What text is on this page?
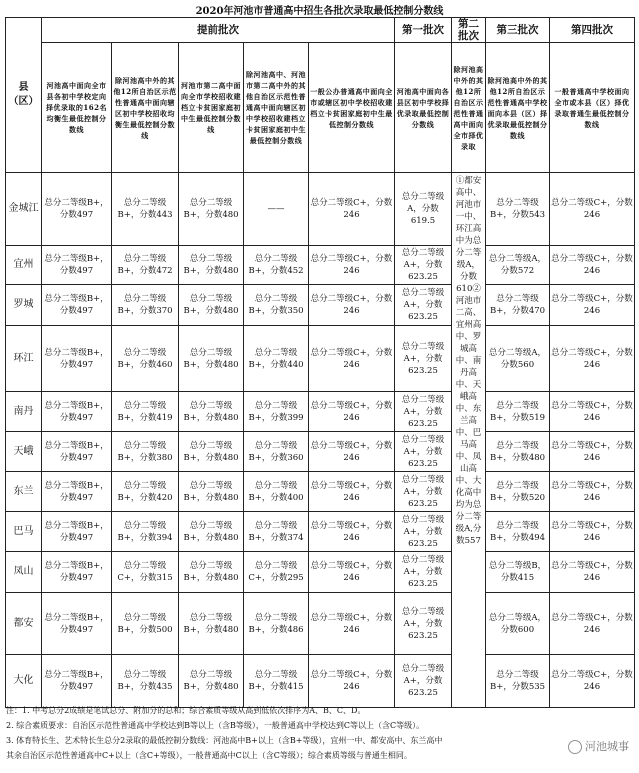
2020年河池市普通高中招生各批次录取最低控制分数线
县（区）	提前批次					第一批次	第二批次	第三批次	第四批次
	河池高中面向全市县各初中学校定向择优录取的162名均衡生最低控制分数线	除河池高中外的其他12所自治区示范性普通高中面向辖区初中学校招收均衡生最低控制分数线	河池市第二高中面向全市学校招收建档立卡贫困家庭初中生最低控制分数线	除河池高中、河池市第二高中外的其他自治区示范性普通高中面向辖区初中学校招收建档立卡贫困家庭初中生最低控制分数线	一般公办普通高中面向全市或辖区初中学校招收建档立卡贫困家庭初中生最低控制分数线	河池高中面向各县区初中学校择优录取最低控制分数线	除河池高中外的其他12所自治区示范性普通高中面向全市择优录取	除河池高中外的其他12所自治区示范性普通高中学校面向本县（区）择优录取最低控制分数线	一般普通高中学校面向全市或本县（区）择优录取普通生最低控制分数线
金城江	总分二等级B+，分数497	总分二等级B+，分数443	总分二等级B+，分数480	——	总分二等级C+，分数246	总分二等级A，分数619.5	①都安高中、河池市一中、环江高中为总分二等级A，分数610②河池市二高、宜州高中、罗城高中、南丹高中、天峨高中、东兰高中、巴马高中、凤山高中、大化高中均为总分二等级A,分数557	总分二等级B+，分数543	总分二等级C+，分数246
宜州	总分二等级B+，分数497	总分二等级B+，分数472	总分二等级B+，分数480	总分二等级B+，分数452	总分二等级C+，分数246	总分二等级A+，分数623.25		总分二等级A，分数572	总分二等级C+，分数246
罗城	总分二等级B+，分数497	总分二等级B+，分数370	总分二等级B+，分数480	总分二等级B+，分数350	总分二等级C+，分数246	总分二等级A+，分数623.25		总分二等级B+，分数470	总分二等级C+，分数246
环江	总分二等级B+，分数497	总分二等级B+，分数460	总分二等级B+，分数480	总分二等级B+，分数440	总分二等级C+，分数246	总分二等级A+，分数623.25		总分二等级A，分数560	总分二等级C+，分数246
南丹	总分二等级B+，分数497	总分二等级B+，分数419	总分二等级B+，分数480	总分二等级B+，分数399	总分二等级C+，分数246	总分二等级A+，分数623.25		总分二等级B+，分数519	总分二等级C+，分数246
天峨	总分二等级B+，分数497	总分二等级B+，分数380	总分二等级B+，分数480	总分二等级B+，分数360	总分二等级C+，分数246	总分二等级A+，分数623.25		总分二等级B+，分数480	总分二等级C+，分数246
东兰	总分二等级B+，分数497	总分二等级B+，分数420	总分二等级B+，分数480	总分二等级B+，分数400	总分二等级C+，分数246	总分二等级A+，分数623.25		总分二等级B+，分数520	总分二等级C+，分数246
巴马	总分二等级B+，分数497	总分二等级B+，分数394	总分二等级B+，分数480	总分二等级B+，分数374	总分二等级C+，分数246	总分二等级A+，分数623.25		总分二等级B+，分数494	总分二等级C+，分数246
凤山	总分二等级B+，分数497	总分二等级C+，分数315	总分二等级B+，分数480	总分二等级C+，分数295	总分二等级C+，分数246	总分二等级A+，分数623.25		总分二等级B，分数415	总分二等级C+，分数246
都安	总分二等级B+，分数497	总分二等级B+，分数500	总分二等级B+，分数480	总分二等级B+，分数486	总分二等级C+，分数246	总分二等级A+，分数623.25		总分二等级A，分数600	总分二等级C+，分数246
大化	总分二等级B+，分数497	总分二等级B+，分数435	总分二等级B+，分数480	总分二等级B+，分数415	总分二等级C+，分数246	总分二等级A+，分数623.25		总分二等级B+，分数535	总分二等级C+，分数246
注：1. 中考总分2成绩是笔试总分、附加分的总和；综合素质等级从高到低依次排序为A、B、C、D。
2. 综合素质要求：自治区示范性普通高中学校达到B等以上（含B等级），一般普通高中学校达到C等以上（含C等级）。
3. 体育特长生、艺术特长生总分2录取的最低控制分数线：河池高中B+以上（含B+等级），宜州一中、都安高中、东兰高中
其余自治区示范性普通高中C+以上（含C+等级），一般普通高中C以上（含C等级）；综合素质等级与普通生相同。
河池城事
